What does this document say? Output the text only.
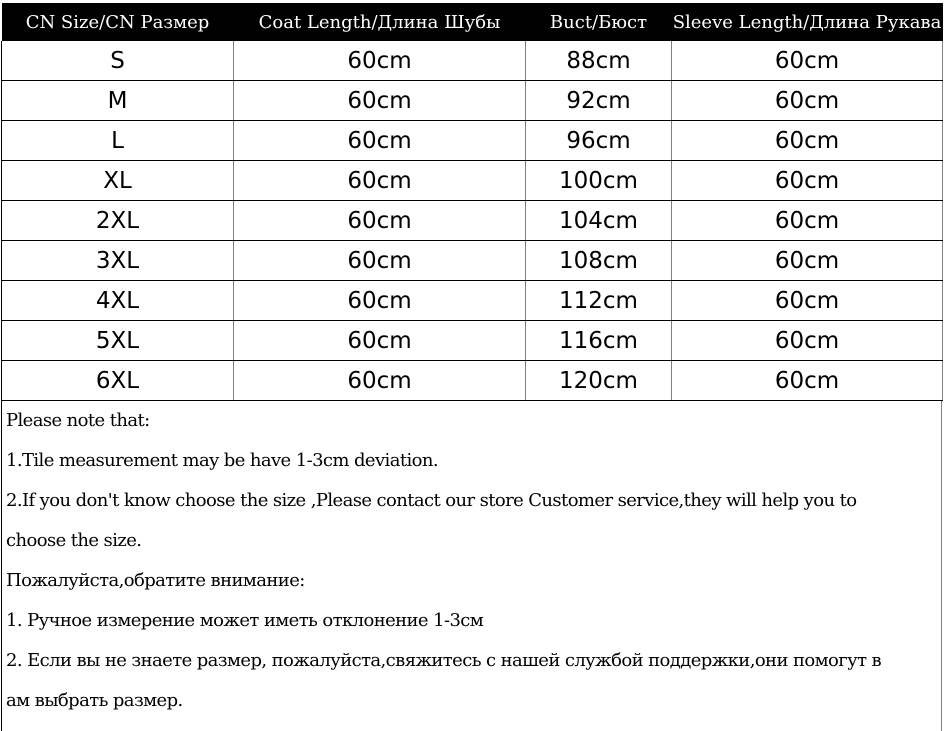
CN Size/CN Размер	Coat Length/Длина Шубы	Buct/Бюст	Sleeve Length/Длина Рукава
S	60cm	88cm	60cm
M	60cm	92cm	60cm
L	60cm	96cm	60cm
XL	60cm	100cm	60cm
2XL	60cm	104cm	60cm
3XL	60cm	108cm	60cm
4XL	60cm	112cm	60cm
5XL	60cm	116cm	60cm
6XL	60cm	120cm	60cm
Please note that:
1.Tile measurement may be have 1-3cm deviation.
2.If you don't know choose the size ,Please contact our store Customer service,they will help you to
choose the size.
Пожалуйста,обратите внимание:
1. Ручное измерение может иметь отклонение 1-3см
2. Если вы не знаете размер, пожалуйста,свяжитесь с нашей службой поддержки,они помогут в
ам выбрать размер.
